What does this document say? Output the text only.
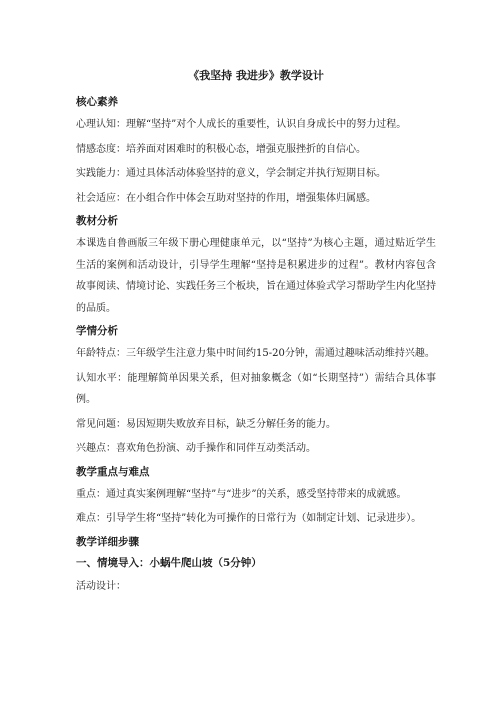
《我坚持 我进步》教学设计
核心素养

心理认知：理解“坚持”对个人成长的重要性，认识自身成长中的努力过程。

情感态度：培养面对困难时的积极心态，增强克服挫折的自信心。

实践能力：通过具体活动体验坚持的意义，学会制定并执行短期目标。

社会适应：在小组合作中体会互助对坚持的作用，增强集体归属感。

教材分析

本课选自鲁画版三年级下册心理健康单元，以“坚持”为核心主题，通过贴近学生生活的案例和活动设计，引导学生理解“坚持是积累进步的过程”。教材内容包含故事阅读、情境讨论、实践任务三个板块，旨在通过体验式学习帮助学生内化坚持的品质。

学情分析

年龄特点：三年级学生注意力集中时间约15-20分钟，需通过趣味活动维持兴趣。

认知水平：能理解简单因果关系，但对抽象概念（如“长期坚持”）需结合具体事例。

常见问题：易因短期失败放弃目标，缺乏分解任务的能力。

兴趣点：喜欢角色扮演、动手操作和同伴互动类活动。

教学重点与难点

重点：通过真实案例理解“坚持”与“进步”的关系，感受坚持带来的成就感。

难点：引导学生将“坚持”转化为可操作的日常行为（如制定计划、记录进步）。

教学详细步骤
一、情境导入：小蜗牛爬山坡（5分钟）

活动设计：
